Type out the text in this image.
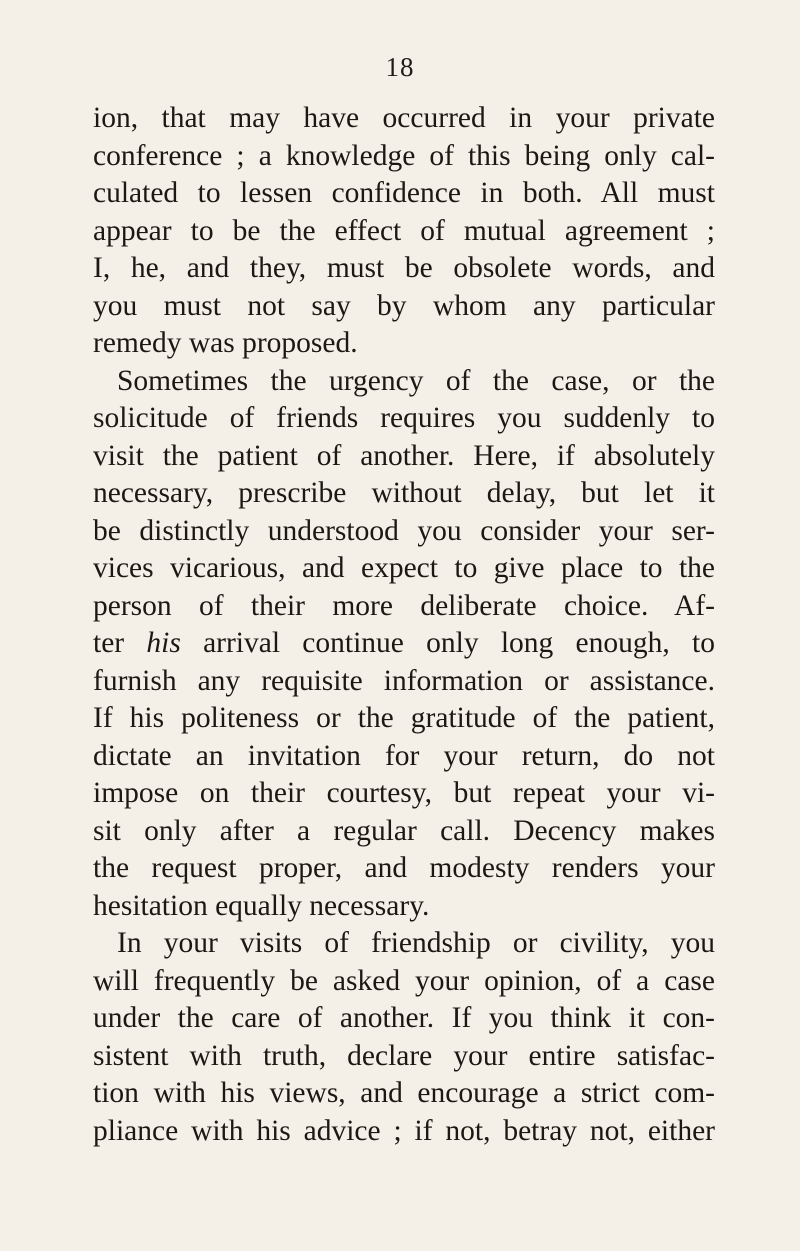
18
ion, that may have occurred in your private
conference ; a knowledge of this being only cal-
culated to lessen confidence in both. All must
appear to be the effect of mutual agreement ;
I, he, and they, must be obsolete words, and
you must not say by whom any particular
remedy was proposed.
Sometimes the urgency of the case, or the
solicitude of friends requires you suddenly to
visit the patient of another. Here, if absolutely
necessary, prescribe without delay, but let it
be distinctly understood you consider your ser-
vices vicarious, and expect to give place to the
person of their more deliberate choice. Af-
ter his arrival continue only long enough, to
furnish any requisite information or assistance.
If his politeness or the gratitude of the patient,
dictate an invitation for your return, do not
impose on their courtesy, but repeat your vi-
sit only after a regular call. Decency makes
the request proper, and modesty renders your
hesitation equally necessary.
In your visits of friendship or civility, you
will frequently be asked your opinion, of a case
under the care of another. If you think it con-
sistent with truth, declare your entire satisfac-
tion with his views, and encourage a strict com-
pliance with his advice ; if not, betray not, either
